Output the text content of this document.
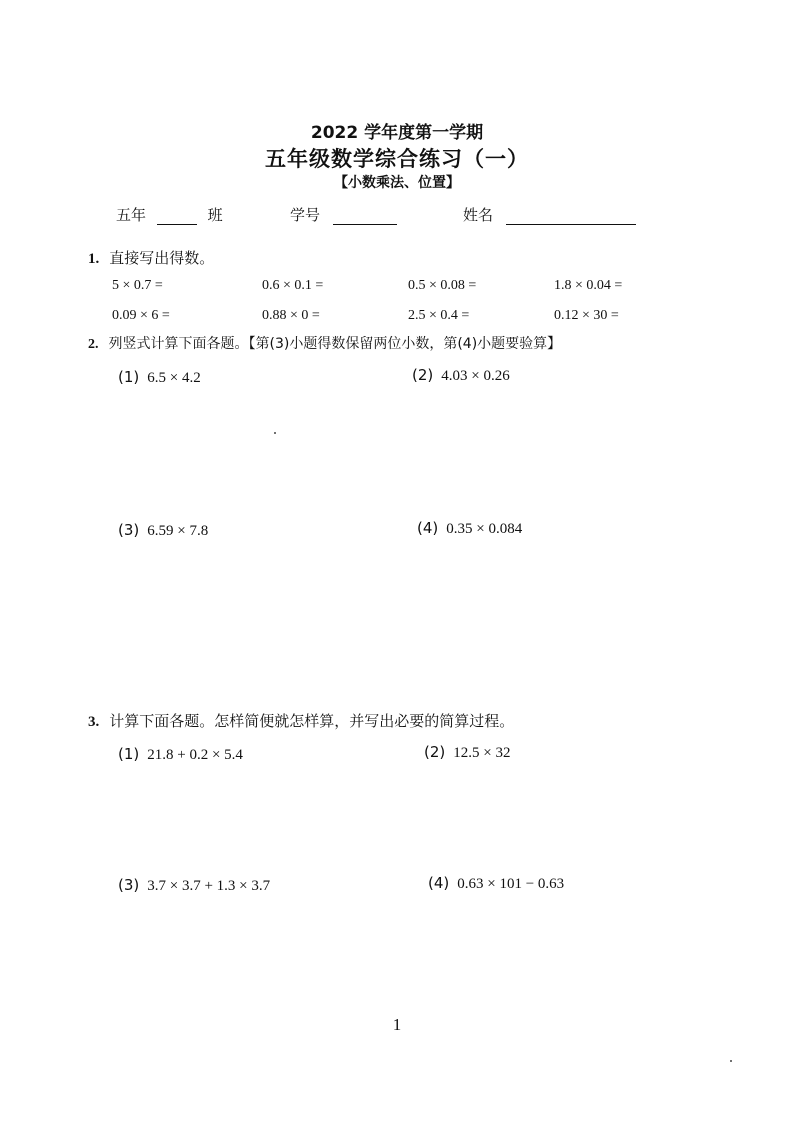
2022 学年度第一学期
五年级数学综合练习（一）
【小数乘法、位置】
五年	班	学号	姓名
1. 直接写出得数。
5 × 0.7 =	0.6 × 0.1 =	0.5 × 0.08 =	1.8 × 0.04 =
0.09 × 6 =	0.88 × 0 =	2.5 × 0.4 =	0.12 × 30 =
2. 列竖式计算下面各题。【第(3)小题得数保留两位小数，第(4)小题要验算】
(1) 6.5 × 4.2	(2) 4.03 × 0.26
(3) 6.59 × 7.8	(4) 0.35 × 0.084
3. 计算下面各题。怎样简便就怎样算，并写出必要的简算过程。
(1) 21.8 + 0.2 × 5.4	(2) 12.5 × 32
(3) 3.7 × 3.7 + 1.3 × 3.7	(4) 0.63 × 101 − 0.63
1
